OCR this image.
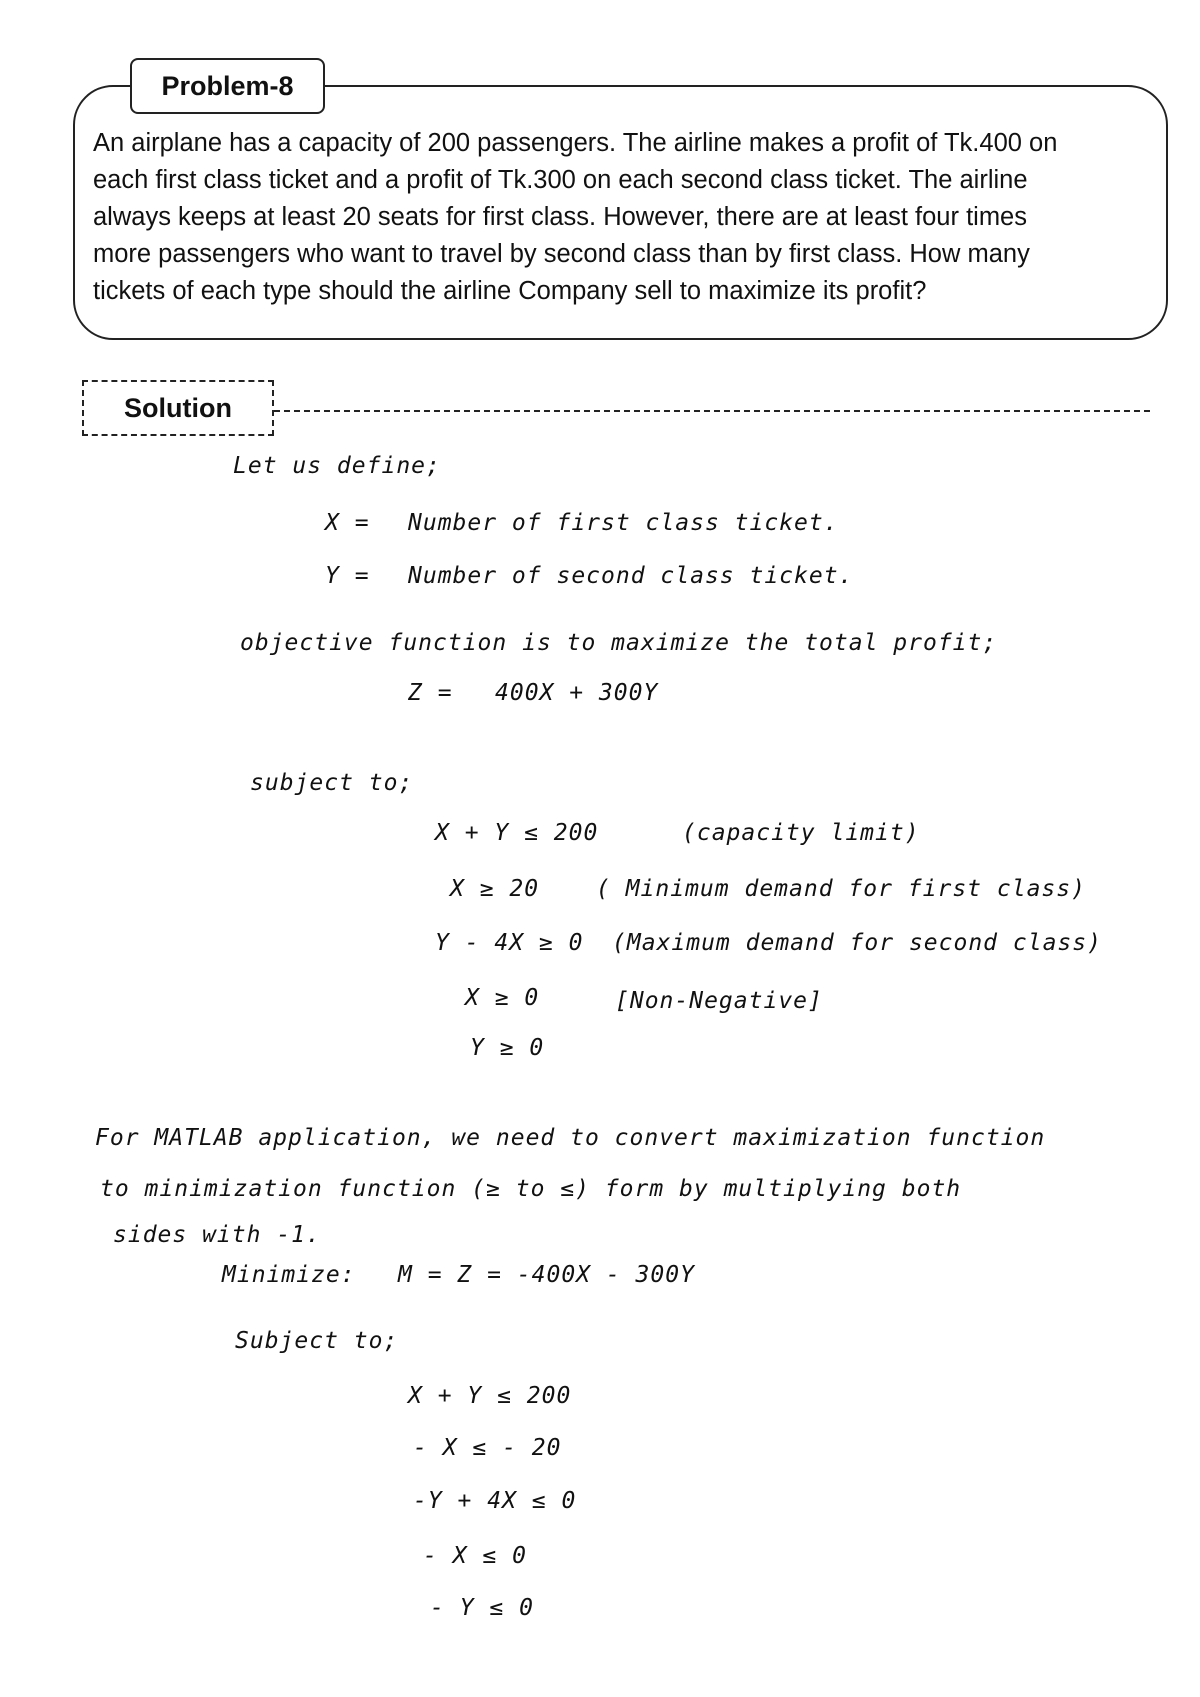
Problem-8
An airplane has a capacity of 200 passengers. The airline makes a profit of Tk.400 on
each first class ticket and a profit of Tk.300 on each second class ticket. The airline
always keeps at least 20 seats for first class. However, there are at least four times
more passengers who want to travel by second class than by first class. How many
tickets of each type should the airline Company sell to maximize its profit?
Solution

Let us define;

X = Number of first class ticket.

Y = Number of second class ticket.

objective function is to maximize the total profit;

Z = 400X + 300Y

subject to;

X + Y ≤ 200	(capacity limit)

X ≥ 20 ( Minimum demand for first class)

Y - 4X ≥ 0 (Maximum demand for second class)

X ≥ 0	[Non-Negative]

Y ≥ 0

For MATLAB application, we need to convert maximization function

to minimization function (≥ to ≤) form by multiplying both

sides with -1.

Minimize: M = Z = -400X - 300Y

Subject to;

X + Y ≤ 200

- X ≤ - 20

-Y + 4X ≤ 0

- X ≤ 0

- Y ≤ 0
